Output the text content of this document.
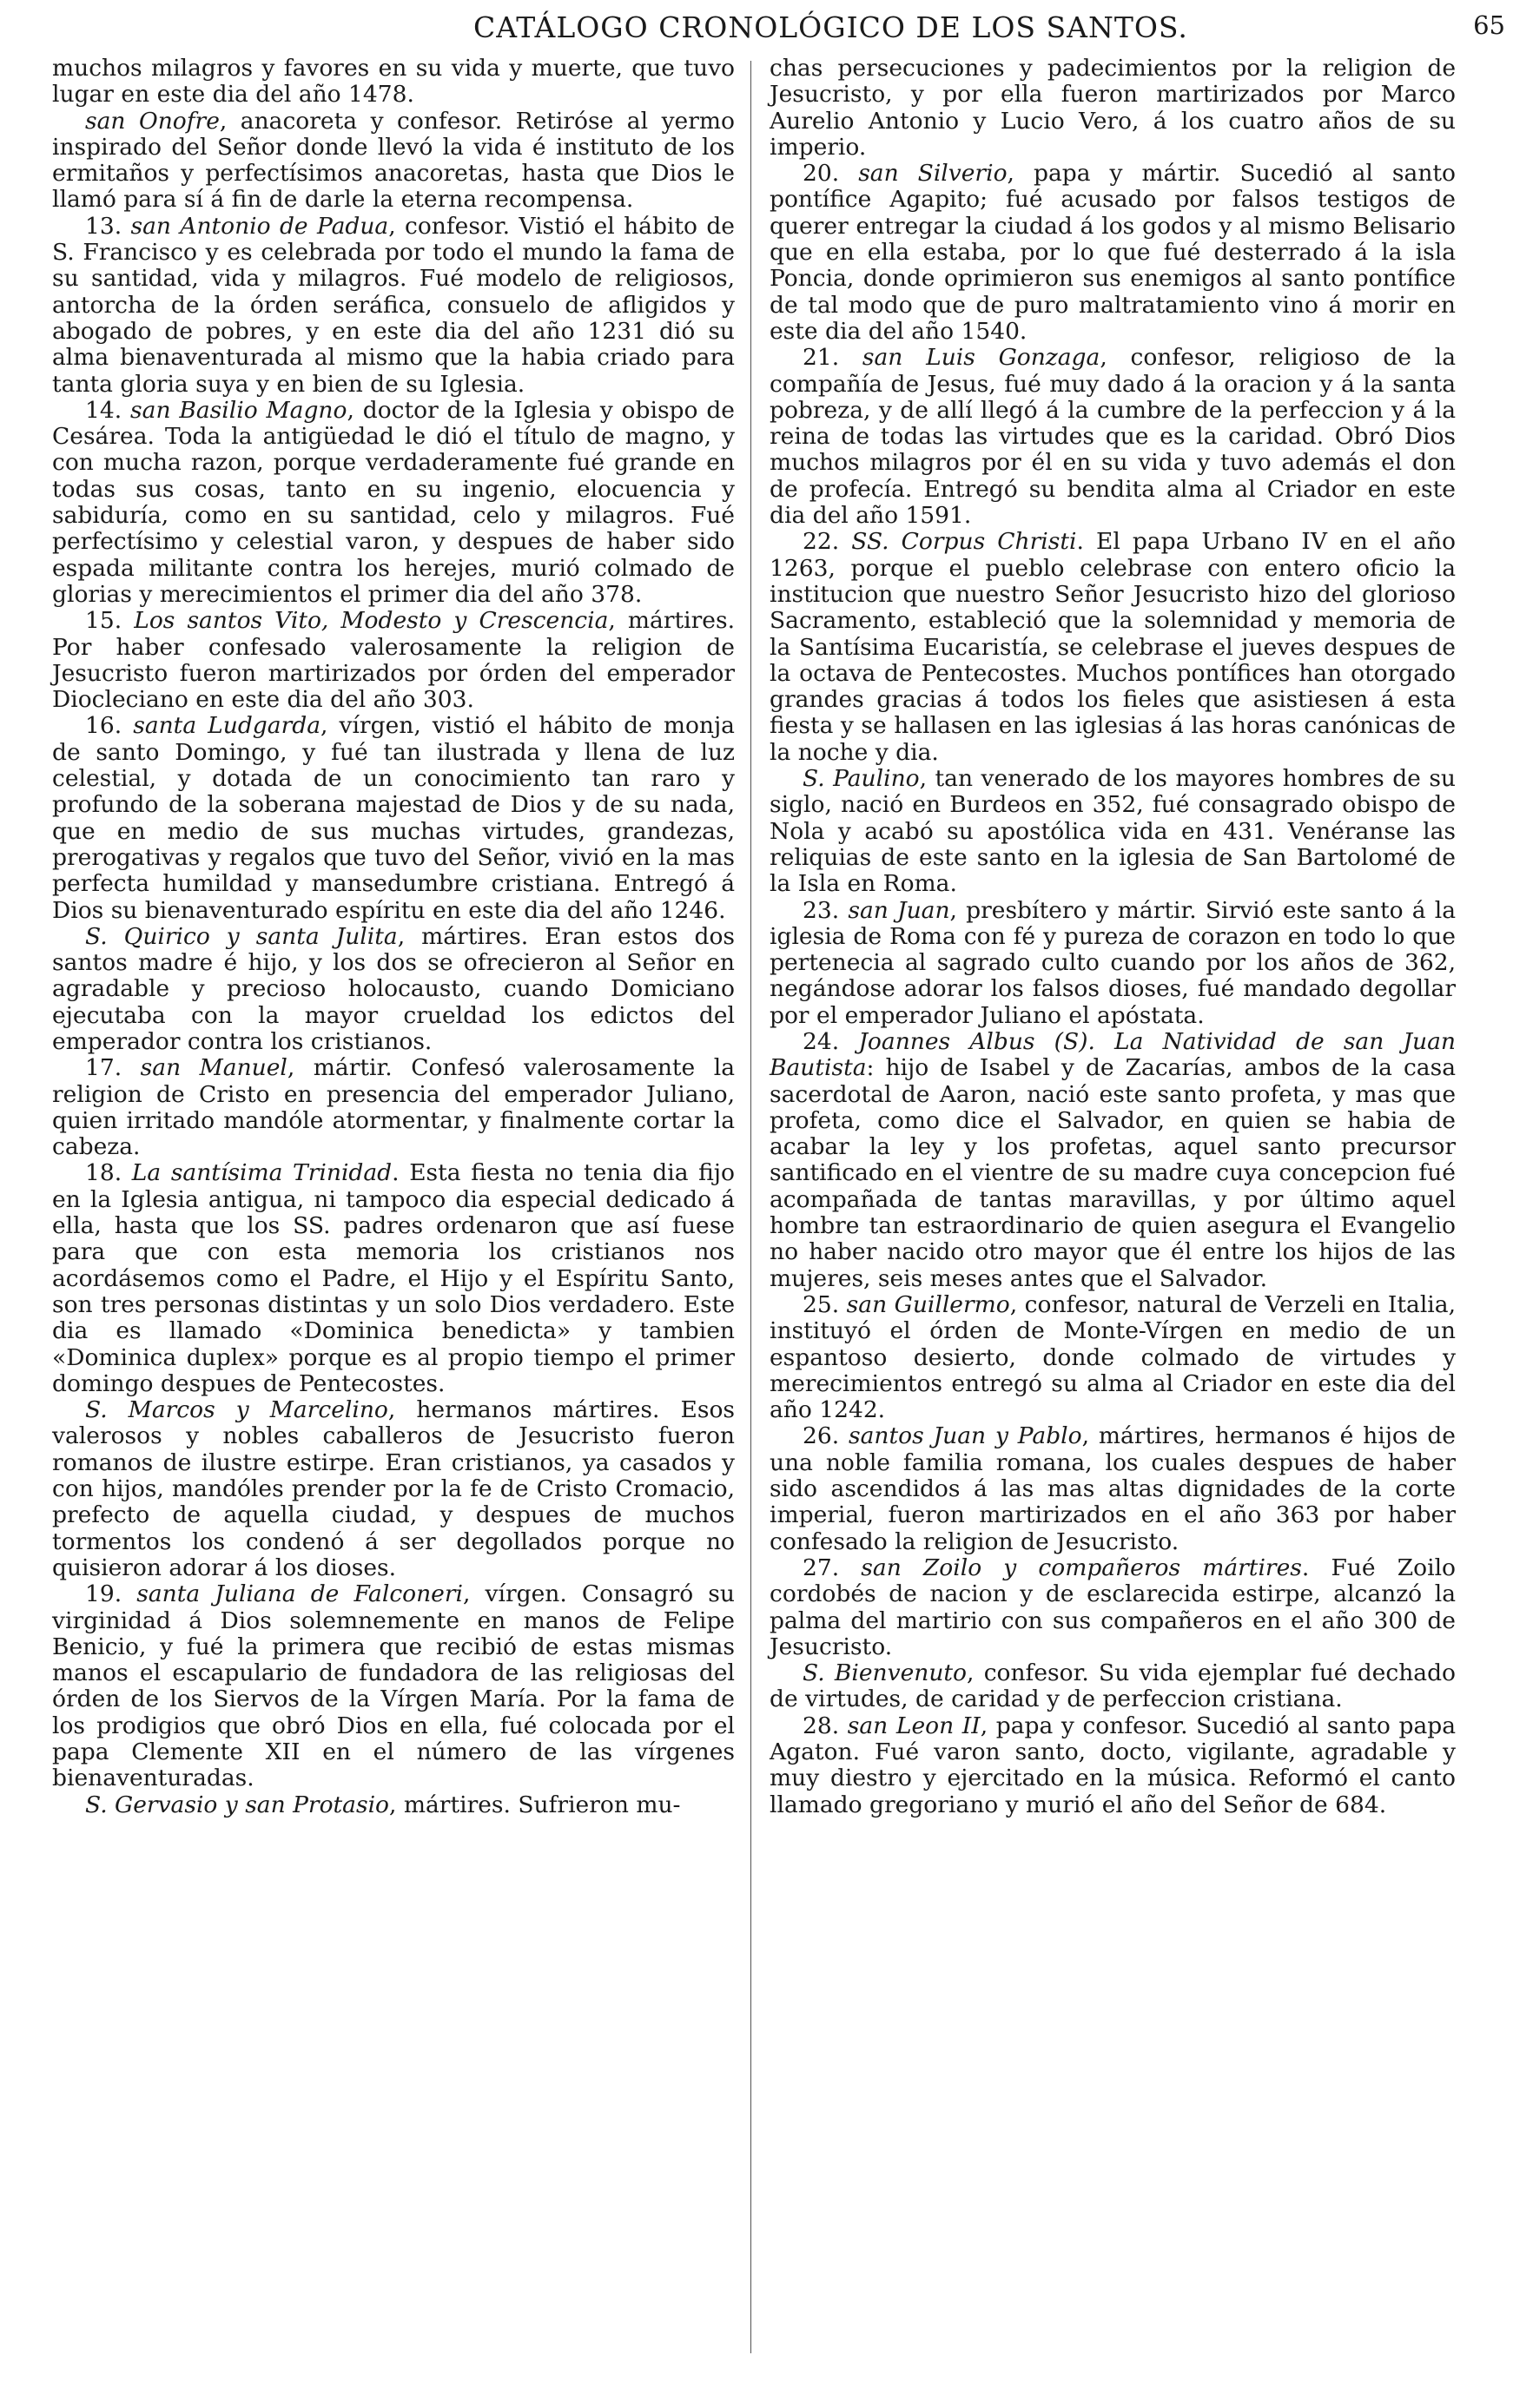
CATÁLOGO CRONOLÓGICO DE LOS SANTOS.	65

muchos milagros y favores en su vida y muerte, que tuvo lugar en este dia del año 1478.

san Onofre, anacoreta y confesor. Retiróse al yermo inspirado del Señor donde llevó la vida é instituto de los ermitaños y perfectísimos anacoretas, hasta que Dios le llamó para sí á fin de darle la eterna recompensa.

13. san Antonio de Padua, confesor. Vistió el hábito de S. Francisco y es celebrada por todo el mundo la fama de su santidad, vida y milagros. Fué modelo de religiosos, antorcha de la órden seráfica, consuelo de afligidos y abogado de pobres, y en este dia del año 1231 dió su alma bienaventurada al mismo que la habia criado para tanta gloria suya y en bien de su Iglesia.

14. san Basilio Magno, doctor de la Iglesia y obispo de Cesárea. Toda la antigüedad le dió el título de magno, y con mucha razon, porque verdaderamente fué grande en todas sus cosas, tanto en su ingenio, elocuencia y sabiduría, como en su santidad, celo y milagros. Fué perfectísimo y celestial varon, y despues de haber sido espada militante contra los herejes, murió colmado de glorias y merecimientos el primer dia del año 378.

15. Los santos Vito, Modesto y Crescencia, mártires. Por haber confesado valerosamente la religion de Jesucristo fueron martirizados por órden del emperador Diocleciano en este dia del año 303.

16. santa Ludgarda, vírgen, vistió el hábito de monja de santo Domingo, y fué tan ilustrada y llena de luz celestial, y dotada de un conocimiento tan raro y profundo de la soberana majestad de Dios y de su nada, que en medio de sus muchas virtudes, grandezas, prerogativas y regalos que tuvo del Señor, vivió en la mas perfecta humildad y mansedumbre cristiana. Entregó á Dios su bienaventurado espíritu en este dia del año 1246.

S. Quirico y santa Julita, mártires. Eran estos dos santos madre é hijo, y los dos se ofrecieron al Señor en agradable y precioso holocausto, cuando Domiciano ejecutaba con la mayor crueldad los edictos del emperador contra los cristianos.

17. san Manuel, mártir. Confesó valerosamente la religion de Cristo en presencia del emperador Juliano, quien irritado mandóle atormentar, y finalmente cortar la cabeza.

18. La santísima Trinidad. Esta fiesta no tenia dia fijo en la Iglesia antigua, ni tampoco dia especial dedicado á ella, hasta que los SS. padres ordenaron que así fuese para que con esta memoria los cristianos nos acordásemos como el Padre, el Hijo y el Espíritu Santo, son tres personas distintas y un solo Dios verdadero. Este dia es llamado «Dominica benedicta» y tambien «Dominica duplex» porque es al propio tiempo el primer domingo despues de Pentecostes.

S. Marcos y Marcelino, hermanos mártires. Esos valerosos y nobles caballeros de Jesucristo fueron romanos de ilustre estirpe. Eran cristianos, ya casados y con hijos, mandóles prender por la fe de Cristo Cromacio, prefecto de aquella ciudad, y despues de muchos tormentos los condenó á ser degollados porque no quisieron adorar á los dioses.

19. santa Juliana de Falconeri, vírgen. Consagró su virginidad á Dios solemnemente en manos de Felipe Benicio, y fué la primera que recibió de estas mismas manos el escapulario de fundadora de las religiosas del órden de los Siervos de la Vírgen María. Por la fama de los prodigios que obró Dios en ella, fué colocada por el papa Clemente XII en el número de las vírgenes bienaventuradas.

S. Gervasio y san Protasio, mártires. Sufrieron mu-

chas persecuciones y padecimientos por la religion de Jesucristo, y por ella fueron martirizados por Marco Aurelio Antonio y Lucio Vero, á los cuatro años de su imperio.

20. san Silverio, papa y mártir. Sucedió al santo pontífice Agapito; fué acusado por falsos testigos de querer entregar la ciudad á los godos y al mismo Belisario que en ella estaba, por lo que fué desterrado á la isla Poncia, donde oprimieron sus enemigos al santo pontífice de tal modo que de puro maltratamiento vino á morir en este dia del año 1540.

21. san Luis Gonzaga, confesor, religioso de la compañía de Jesus, fué muy dado á la oracion y á la santa pobreza, y de allí llegó á la cumbre de la perfeccion y á la reina de todas las virtudes que es la caridad. Obró Dios muchos milagros por él en su vida y tuvo además el don de profecía. Entregó su bendita alma al Criador en este dia del año 1591.

22. SS. Corpus Christi. El papa Urbano IV en el año 1263, porque el pueblo celebrase con entero oficio la institucion que nuestro Señor Jesucristo hizo del glorioso Sacramento, estableció que la solemnidad y memoria de la Santísima Eucaristía, se celebrase el jueves despues de la octava de Pentecostes. Muchos pontífices han otorgado grandes gracias á todos los fieles que asistiesen á esta fiesta y se hallasen en las iglesias á las horas canónicas de la noche y dia.

S. Paulino, tan venerado de los mayores hombres de su siglo, nació en Burdeos en 352, fué consagrado obispo de Nola y acabó su apostólica vida en 431. Venéranse las reliquias de este santo en la iglesia de San Bartolomé de la Isla en Roma.

23. san Juan, presbítero y mártir. Sirvió este santo á la iglesia de Roma con fé y pureza de corazon en todo lo que pertenecia al sagrado culto cuando por los años de 362, negándose adorar los falsos dioses, fué mandado degollar por el emperador Juliano el apóstata.

24. Joannes Albus (S). La Natividad de san Juan Bautista: hijo de Isabel y de Zacarías, ambos de la casa sacerdotal de Aaron, nació este santo profeta, y mas que profeta, como dice el Salvador, en quien se habia de acabar la ley y los profetas, aquel santo precursor santificado en el vientre de su madre cuya concepcion fué acompañada de tantas maravillas, y por último aquel hombre tan estraordinario de quien asegura el Evangelio no haber nacido otro mayor que él entre los hijos de las mujeres, seis meses antes que el Salvador.

25. san Guillermo, confesor, natural de Verzeli en Italia, instituyó el órden de Monte-Vírgen en medio de un espantoso desierto, donde colmado de virtudes y merecimientos entregó su alma al Criador en este dia del año 1242.

26. santos Juan y Pablo, mártires, hermanos é hijos de una noble familia romana, los cuales despues de haber sido ascendidos á las mas altas dignidades de la corte imperial, fueron martirizados en el año 363 por haber confesado la religion de Jesucristo.

27. san Zoilo y compañeros mártires. Fué Zoilo cordobés de nacion y de esclarecida estirpe, alcanzó la palma del martirio con sus compañeros en el año 300 de Jesucristo.

S. Bienvenuto, confesor. Su vida ejemplar fué dechado de virtudes, de caridad y de perfeccion cristiana.

28. san Leon II, papa y confesor. Sucedió al santo papa Agaton. Fué varon santo, docto, vigilante, agradable y muy diestro y ejercitado en la música. Reformó el canto llamado gregoriano y murió el año del Señor de 684.
